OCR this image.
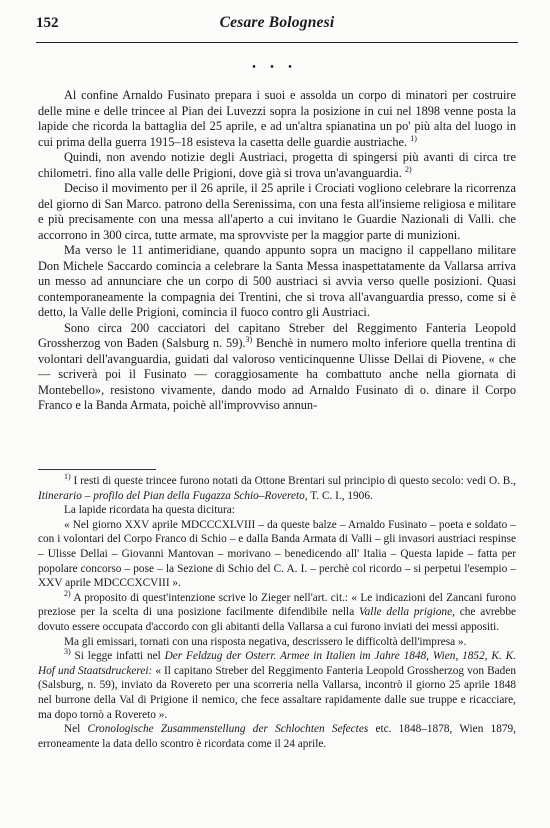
152	Cesare Bolognesi
• • •

Al confine Arnaldo Fusinato prepara i suoi e assolda un corpo di minatori per costruire delle mine e delle trincee al Pian dei Luvezzi sopra la posizione in cui nel 1898 venne posta la lapide che ricorda la battaglia del 25 aprile, e ad un'altra spianatina un po' più alta del luogo in cui prima della guerra 1915–18 esisteva la casetta delle guardie austriache. $^{1)}$

Quindi, non avendo notizie degli Austriaci, progetta di spingersi più avanti di circa tre chilometri. fino alla valle delle Prigioni, dove già si trova un'avanguardia. $^{2)}$

Deciso il movimento per il 26 aprile, il 25 aprile i Crociati vogliono celebrare la ricorrenza del giorno di San Marco. patrono della Serenissima, con una festa all'insieme religiosa e militare e più precisamente con una messa all'aperto a cui invitano le Guardie Nazionali di Valli. che accorrono in 300 circa, tutte armate, ma sprovviste per la maggior parte di munizioni.

Ma verso le 11 antimeridiane, quando appunto sopra un macigno il cappellano militare Don Michele Saccardo comincia a celebrare la Santa Messa inaspettatamente da Vallarsa arriva un messo ad annunciare che un corpo di 500 austriaci si avvia verso quelle posizioni. Quasi contemporaneamente la compagnia dei Trentini, che si trova all'avanguardia presso, come si è detto, la Valle delle Prigioni, comincia il fuoco contro gli Austriaci.

Sono circa 200 cacciatori del capitano Streber del Reggimento Fanteria Leopold Grossherzog von Baden (Salsburg n. 59).$^{3)}$ Benchè in numero molto inferiore quella trentina di volontari dell'avanguardia, guidati dal valoroso venticinquenne Ulisse Dellai di Piovene, « che — scriverà poi il Fusinato — coraggiosamente ha combattuto anche nella giornata di Montebello», resistono vivamente, dando modo ad Arnaldo Fusinato di o. dinare il Corpo Franco e la Banda Armata, poichè all'improvviso annun-

$^{1)}$ I resti di queste trincee furono notati da Ottone Brentari sul principio di questo secolo: vedi O. B., Itinerario – profilo del Pian della Fugazza Schio–Rovereto, T. C. I., 1906.

La lapide ricordata ha questa dicitura:

« Nel giorno XXV aprile MDCCCXLVIII – da queste balze – Arnaldo Fusinato – poeta e soldato – con i volontari del Corpo Franco di Schio – e dalla Banda Armata di Valli – gli invasori austriaci respinse – Ulisse Dellai – Giovanni Mantovan – morivano – benedicendo all' Italia – Questa lapide – fatta per popolare concorso – pose – la Sezione di Schio del C. A. I. – perchè col ricordo – si perpetui l'esempio – XXV aprile MDCCCXCVIII ».

$^{2)}$ A proposito di quest'intenzione scrive lo Zieger nell'art. cit.: « Le indicazioni del Zancani furono preziose per la scelta di una posizione facilmente difendibile nella Valle della prigione, che avrebbe dovuto essere occupata d'accordo con gli abitanti della Vallarsa a cui furono inviati dei messi appositi.

Ma gli emissari, tornati con una risposta negativa, descrissero le difficoltà dell'impresa ».

$^{3)}$ Si legge infatti nel Der Feldzug der Osterr. Armee in Italien im Jahre 1848, Wien, 1852, K. K. Hof und Staatsdruckerei: « Il capitano Streber del Reggimento Fanteria Leopold Grossherzog von Baden (Salsburg, n. 59), inviato da Rovereto per una scorreria nella Vallarsa, incontrò il giorno 25 aprile 1848 nel burrone della Val di Prigione il nemico, che fece assaltare rapidamente dalle sue truppe e ricacciare, ma dopo tornò a Rovereto ».

Nel Cronologische Zusammenstellung der Schlochten Sefectes etc. 1848–1878, Wien 1879, erroneamente la data dello scontro è ricordata come il 24 aprile.
